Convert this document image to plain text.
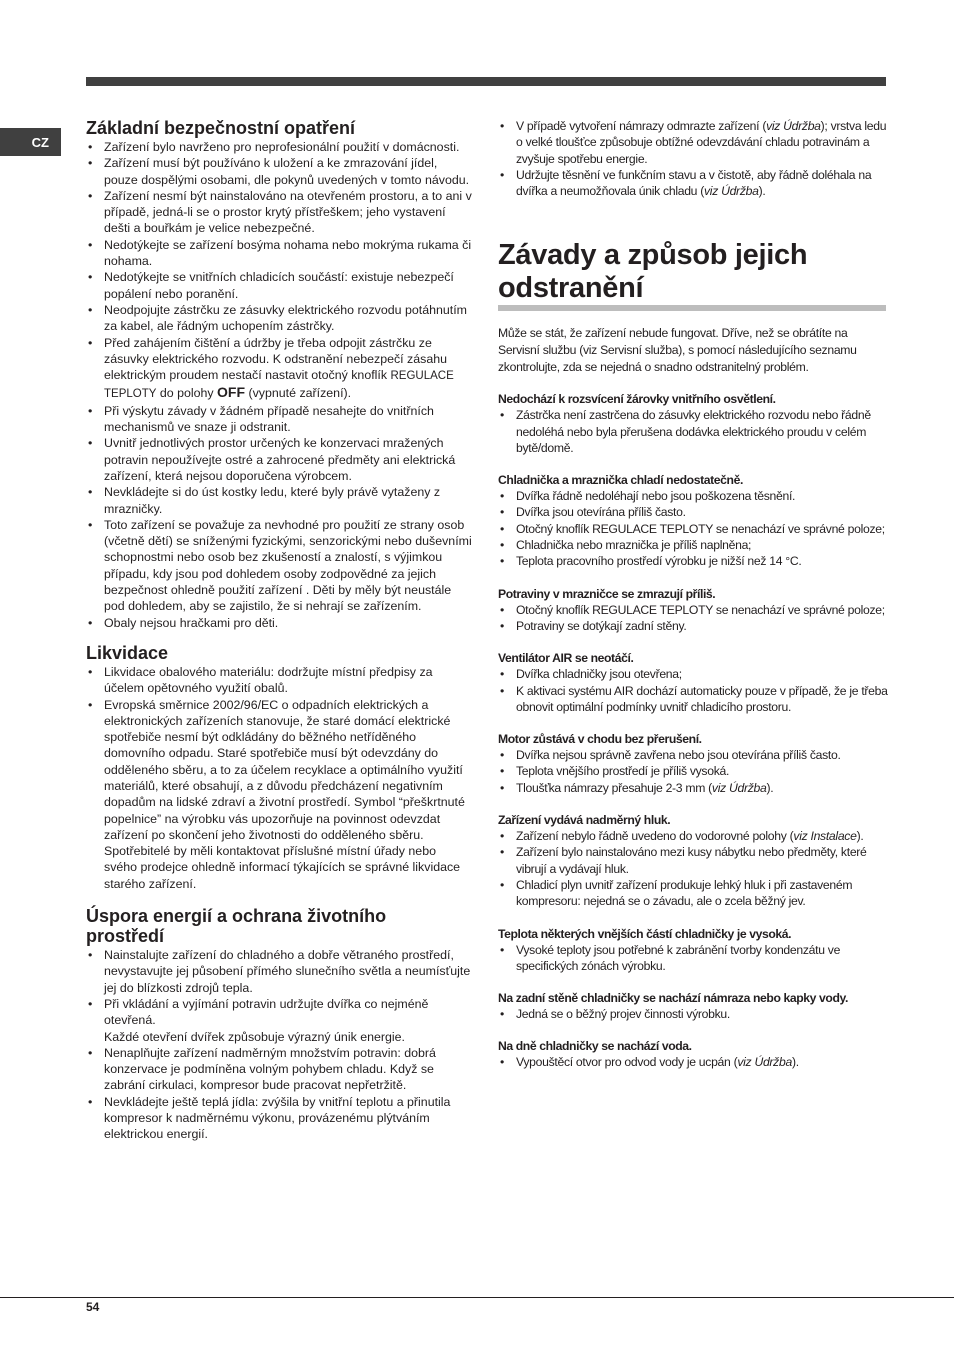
CZ
Základní bezpečnostní opatření
• Zařízení bylo navrženo pro neprofesionální použití v domácnosti.
• Zařízení musí být používáno k uložení a ke zmrazování jídel, pouze dospělými osobami, dle pokynů uvedených v tomto návodu.
• Zařízení nesmí být nainstalováno na otevřeném prostoru, a to ani v případě, jedná-li se o prostor krytý přístřeškem; jeho vystavení dešti a bouřkám je velice nebezpečné.
• Nedotýkejte se zařízení bosýma nohama nebo mokrýma rukama či nohama.
• Nedotýkejte se vnitřních chladicích součástí: existuje nebezpečí popálení nebo poranění.
• Neodpojujte zástrčku ze zásuvky elektrického rozvodu potáhnutím za kabel, ale řádným uchopením zástrčky.
• Před zahájením čištění a údržby je třeba odpojit zástrčku ze zásuvky elektrického rozvodu. K odstranění nebezpečí zásahu elektrickým proudem nestačí nastavit otočný knoflík REGULACE TEPLOTY do polohy OFF (vypnuté zařízení).
• Při výskytu závady v žádném případě nesahejte do vnitřních mechanismů ve snaze ji odstranit.
• Uvnitř jednotlivých prostor určených ke konzervaci mražených potravin nepoužívejte ostré a zahrocené předměty ani elektrická zařízení, která nejsou doporučena výrobcem.
• Nevkládejte si do úst kostky ledu, které byly právě vytaženy z mrazničky.
• Toto zařízení se považuje za nevhodné pro použití ze strany osob (včetně dětí) se sníženými fyzickými, senzorickými nebo duševními schopnostmi nebo osob bez zkušeností a znalostí, s výjimkou případu, kdy jsou pod dohledem osoby zodpovědné za jejich bezpečnost ohledně použití zařízení . Děti by měly být neustále pod dohledem, aby se zajistilo, že si nehrají se zařízením.
• Obaly nejsou hračkami pro děti.
Likvidace
• Likvidace obalového materiálu: dodržujte místní předpisy za účelem opětovného využití obalů.
• Evropská směrnice 2002/96/EC o odpadních elektrických a elektronických zařízeních stanovuje, že staré domácí elektrické spotřebiče nesmí být odkládány do běžného netříděného domovního odpadu. Staré spotřebiče musí být odevzdány do odděleného sběru, a to za účelem recyklace a optimálního využití materiálů, které obsahují, a z důvodu předcházení negativním dopadům na lidské zdraví a životní prostředí. Symbol “přeškrtnuté popelnice” na výrobku vás upozorňuje na povinnost odevzdat zařízení po skončení jeho životnosti do odděleného sběru.
Spotřebitelé by měli kontaktovat příslušné místní úřady nebo svého prodejce ohledně informací týkajících se správné likvidace starého zařízení.
Úspora energií a ochrana životního prostředí
• Nainstalujte zařízení do chladného a dobře větraného prostředí, nevystavujte jej působení přímého slunečního světla a neumísťujte jej do blízkosti zdrojů tepla.
• Při vkládání a vyjímání potravin udržujte dvířka co nejméně otevřená.
Každé otevření dvířek způsobuje výrazný únik energie.
• Nenaplňujte zařízení nadměrným množstvím potravin: dobrá konzervace je podmíněna volným pohybem chladu. Když se zabrání cirkulaci, kompresor bude pracovat nepřetržitě.
• Nevkládejte ještě teplá jídla: zvýšila by vnitřní teplotu a přinutila kompresor k nadměrnému výkonu, provázenému plýtváním elektrickou energií.
• V případě vytvoření námrazy odmrazte zařízení (viz Údržba); vrstva ledu o velké tloušťce způsobuje obtížné odevzdávání chladu potravinám a zvyšuje spotřebu energie.
• Udržujte těsnění ve funkčním stavu a v čistotě, aby řádně doléhala na dvířka a neumožňovala únik chladu (viz Údržba).
Závady a způsob jejich odstranění

Může se stát, že zařízení nebude fungovat. Dříve, než se obrátíte na Servisní službu (viz Servisní služba), s pomocí následujícího seznamu zkontrolujte, zda se nejedná o snadno odstranitelný problém.

Nedochází k rozsvícení žárovky vnitřního osvětlení.

• Zástrčka není zastrčena do zásuvky elektrického rozvodu nebo řádně nedoléhá nebo byla přerušena dodávka elektrického proudu v celém bytě/domě.

Chladnička a mraznička chladí nedostatečně.

• Dvířka řádně nedoléhají nebo jsou poškozena těsnění.
• Dvířka jsou otevírána příliš často.
• Otočný knoflík REGULACE TEPLOTY se nenachází ve správné poloze;
• Chladnička nebo mraznička je příliš naplněna;
• Teplota pracovního prostředí výrobku je nižší než 14 °C.

Potraviny v mrazničce se zmrazují příliš.

• Otočný knoflík REGULACE TEPLOTY se nenachází ve správné poloze;
• Potraviny se dotýkají zadní stěny.

Ventilátor AIR se neotáčí.

• Dvířka chladničky jsou otevřena;
• K aktivaci systému AIR dochází automaticky pouze v případě, že je třeba obnovit optimální podmínky uvnitř chladicího prostoru.

Motor zůstává v chodu bez přerušení.

• Dvířka nejsou správně zavřena nebo jsou otevírána příliš často.
• Teplota vnějšího prostředí je příliš vysoká.
• Tloušťka námrazy přesahuje 2-3 mm (viz Údržba).

Zařízení vydává nadměrný hluk.

• Zařízení nebylo řádně uvedeno do vodorovné polohy (viz Instalace).
• Zařízení bylo nainstalováno mezi kusy nábytku nebo předměty, které vibrují a vydávají hluk.
• Chladicí plyn uvnitř zařízení produkuje lehký hluk i při zastaveném kompresoru: nejedná se o závadu, ale o zcela běžný jev.

Teplota některých vnějších částí chladničky je vysoká.

• Vysoké teploty jsou potřebné k zabránění tvorby kondenzátu ve specifických zónách výrobku.

Na zadní stěně chladničky se nachází námraza nebo kapky vody.

• Jedná se o běžný projev činnosti výrobku.

Na dně chladničky se nachází voda.

• Vypouštěcí otvor pro odvod vody je ucpán (viz Údržba).
54
